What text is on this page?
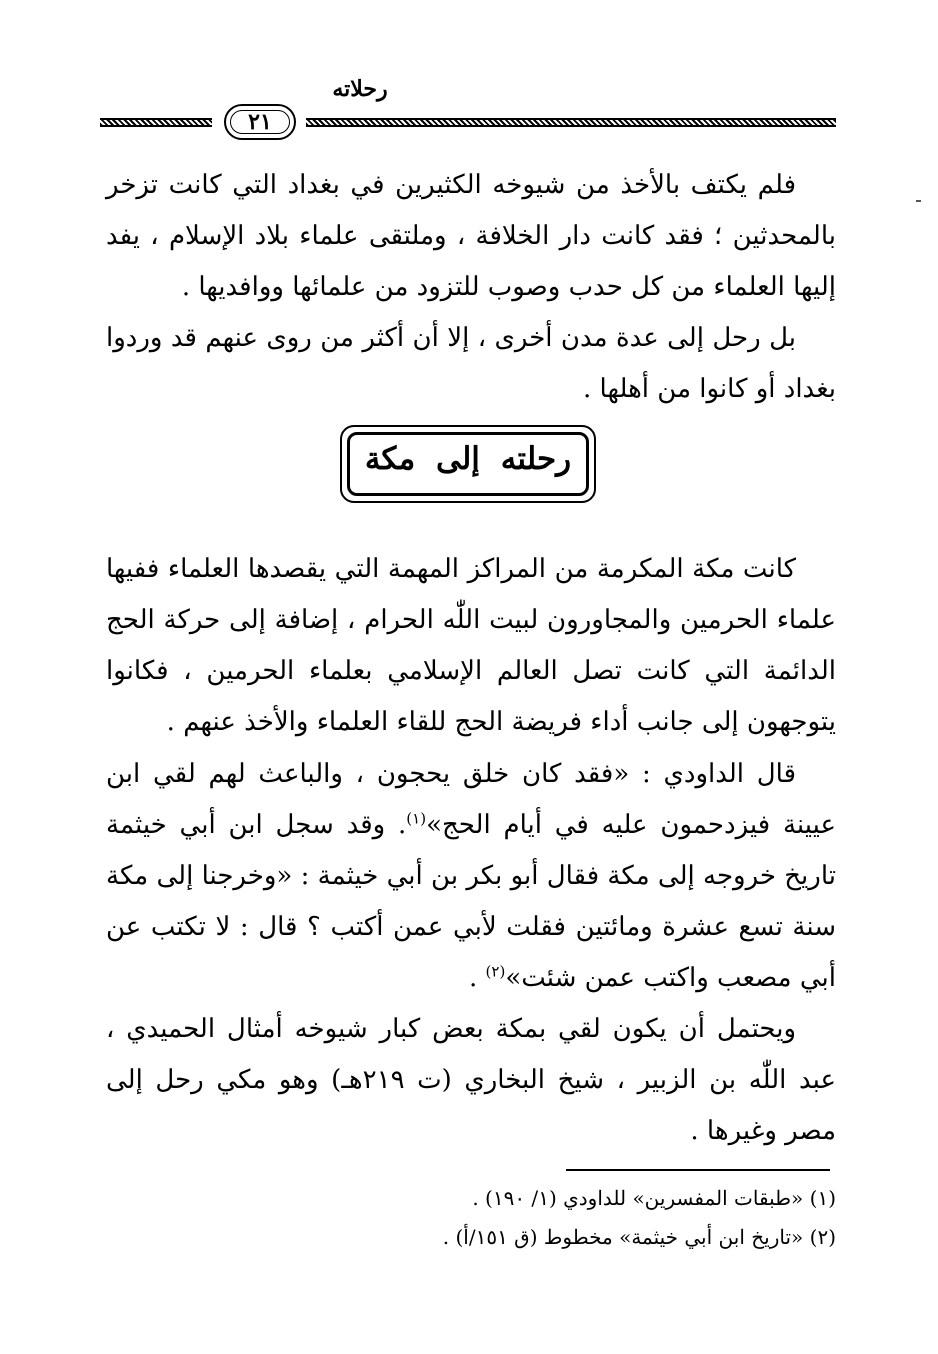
رحلاته
٢١

فلم يكتف بالأخذ من شيوخه الكثيرين في بغداد التي كانت تزخر بالمحدثين ؛ فقد كانت دار الخلافة ، وملتقى علماء بلاد الإسلام ، يفد إليها العلماء من كل حدب وصوب للتزود من علمائها ووافديها .

بل رحل إلى عدة مدن أخرى ، إلا أن أكثر من روى عنهم قد وردوا بغداد أو كانوا من أهلها .

رحلته إلى مكة

كانت مكة المكرمة من المراكز المهمة التي يقصدها العلماء ففيها علماء الحرمين والمجاورون لبيت اللّٰه الحرام ، إضافة إلى حركة الحج الدائمة التي كانت تصل العالم الإسلامي بعلماء الحرمين ، فكانوا يتوجهون إلى جانب أداء فريضة الحج للقاء العلماء والأخذ عنهم .

قال الداودي : «فقد كان خلق يحجون ، والباعث لهم لقي ابن عيينة فيزدحمون عليه في أيام الحج»$^{(١)}$. وقد سجل ابن أبي خيثمة تاريخ خروجه إلى مكة فقال أبو بكر بن أبي خيثمة : «وخرجنا إلى مكة سنة تسع عشرة ومائتين فقلت لأبي عمن أكتب ؟ قال : لا تكتب عن أبي مصعب واكتب عمن شئت»$^{(٢)}$ .

ويحتمل أن يكون لقي بمكة بعض كبار شيوخه أمثال الحميدي ، عبد اللّٰه بن الزبير ، شيخ البخاري (ت ٢١٩هـ) وهو مكي رحل إلى مصر وغيرها .

(١) «طبقات المفسرين» للداودي (١/ ١٩٠) .
(٢) «تاريخ ابن أبي خيثمة» مخطوط (ق ١٥١/أ) .
